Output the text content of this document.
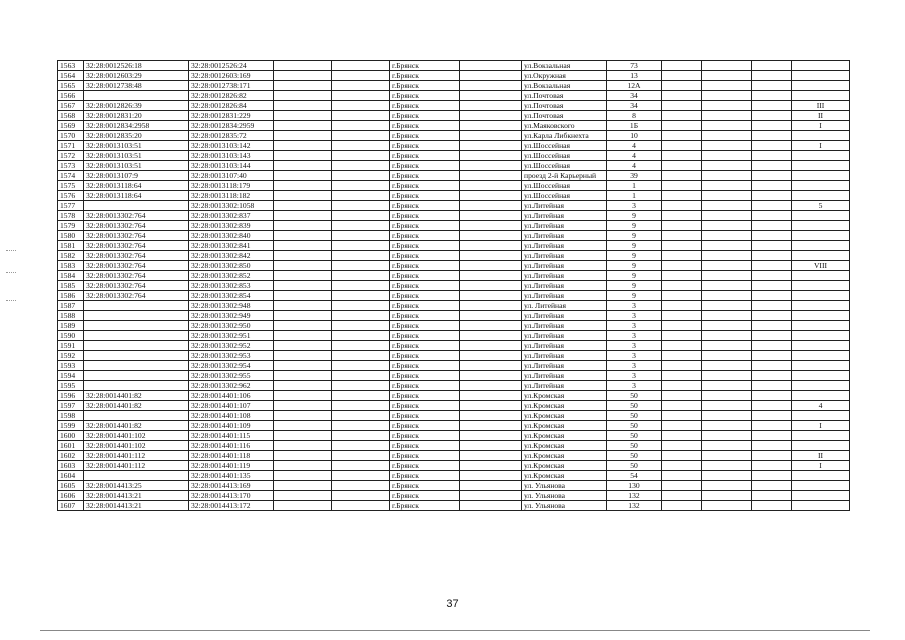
1563	32:28:0012526:18	32:28:0012526:24			г.Брянск		ул.Вокзальная	73				
1564	32:28:0012603:29	32:28:0012603:169			г.Брянск		ул.Окружная	13				
1565	32:28:0012738:48	32:28:0012738:171			г.Брянск		ул.Вокзальная	12А				
1566		32:28:0012826:82			г.Брянск		ул.Почтовая	34				
1567	32:28:0012826:39	32:28:0012826:84			г.Брянск		ул.Почтовая	34				III
1568	32:28:0012831:20	32:28:0012831:229			г.Брянск		ул.Почтовая	8				II
1569	32:28:0012834:2958	32:28:0012834:2959			г.Брянск		ул.Маяковского	1Б				I
1570	32:28:0012835:20	32:28:0012835:72			г.Брянск		ул.Карла Либкнехта	10				
1571	32:28:0013103:51	32:28:0013103:142			г.Брянск		ул.Шоссейная	4				I
1572	32:28:0013103:51	32:28:0013103:143			г.Брянск		ул.Шоссейная	4				
1573	32:28:0013103:51	32:28:0013103:144			г.Брянск		ул.Шоссейная	4				
1574	32:28:0013107:9	32:28:0013107:40			г.Брянск		проезд 2-й Карьерный	39				
1575	32:28:0013118:64	32:28:0013118:179			г.Брянск		ул.Шоссейная	1				
1576	32:28:0013118:64	32:28:0013118:182			г.Брянск		ул.Шоссейная	1				
1577		32:28:0013302:1058			г.Брянск		ул.Литейная	3				5
1578	32:28:0013302:764	32:28:0013302:837			г.Брянск		ул.Литейная	9				
1579	32:28:0013302:764	32:28:0013302:839			г.Брянск		ул.Литейная	9				
1580	32:28:0013302:764	32:28:0013302:840			г.Брянск		ул.Литейная	9				
1581	32:28:0013302:764	32:28:0013302:841			г.Брянск		ул.Литейная	9				
1582	32:28:0013302:764	32:28:0013302:842			г.Брянск		ул.Литейная	9				
1583	32:28:0013302:764	32:28:0013302:850			г.Брянск		ул.Литейная	9				VIII
1584	32:28:0013302:764	32:28:0013302:852			г.Брянск		ул.Литейная	9				
1585	32:28:0013302:764	32:28:0013302:853			г.Брянск		ул.Литейная	9				
1586	32:28:0013302:764	32:28:0013302:854			г.Брянск		ул.Литейная	9				
1587		32:28:0013302:948			г.Брянск		ул. Литейная	3				
1588		32:28:0013302:949			г.Брянск		ул.Литейная	3				
1589		32:28:0013302:950			г.Брянск		ул.Литейная	3				
1590		32:28:0013302:951			г.Брянск		ул.Литейная	3				
1591		32:28:0013302:952			г.Брянск		ул.Литейная	3				
1592		32:28:0013302:953			г.Брянск		ул.Литейная	3				
1593		32:28:0013302:954			г.Брянск		ул.Литейная	3				
1594		32:28:0013302:955			г.Брянск		ул.Литейная	3				
1595		32:28:0013302:962			г.Брянск		ул.Литейная	3				
1596	32:28:0014401:82	32:28:0014401:106			г.Брянск		ул.Кромская	50				
1597	32:28:0014401:82	32:28:0014401:107			г.Брянск		ул.Кромская	50				4
1598		32:28:0014401:108			г.Брянск		ул.Кромская	50				
1599	32:28:0014401:82	32:28:0014401:109			г.Брянск		ул.Кромская	50				I
1600	32:28:0014401:102	32:28:0014401:115			г.Брянск		ул.Кромская	50				
1601	32:28:0014401:102	32:28:0014401:116			г.Брянск		ул.Кромская	50				
1602	32:28:0014401:112	32:28:0014401:118			г.Брянск		ул.Кромская	50				II
1603	32:28:0014401:112	32:28:0014401:119			г.Брянск		ул.Кромская	50				I
1604		32:28:0014401:135			г.Брянск		ул.Кромская	54				
1605	32:28:0014413:25	32:28:0014413:169			г.Брянск		ул. Ульянова	130				
1606	32:28:0014413:21	32:28:0014413:170			г.Брянск		ул. Ульянова	132				
1607	32:28:0014413:21	32:28:0014413:172			г.Брянск		ул. Ульянова	132				
37
